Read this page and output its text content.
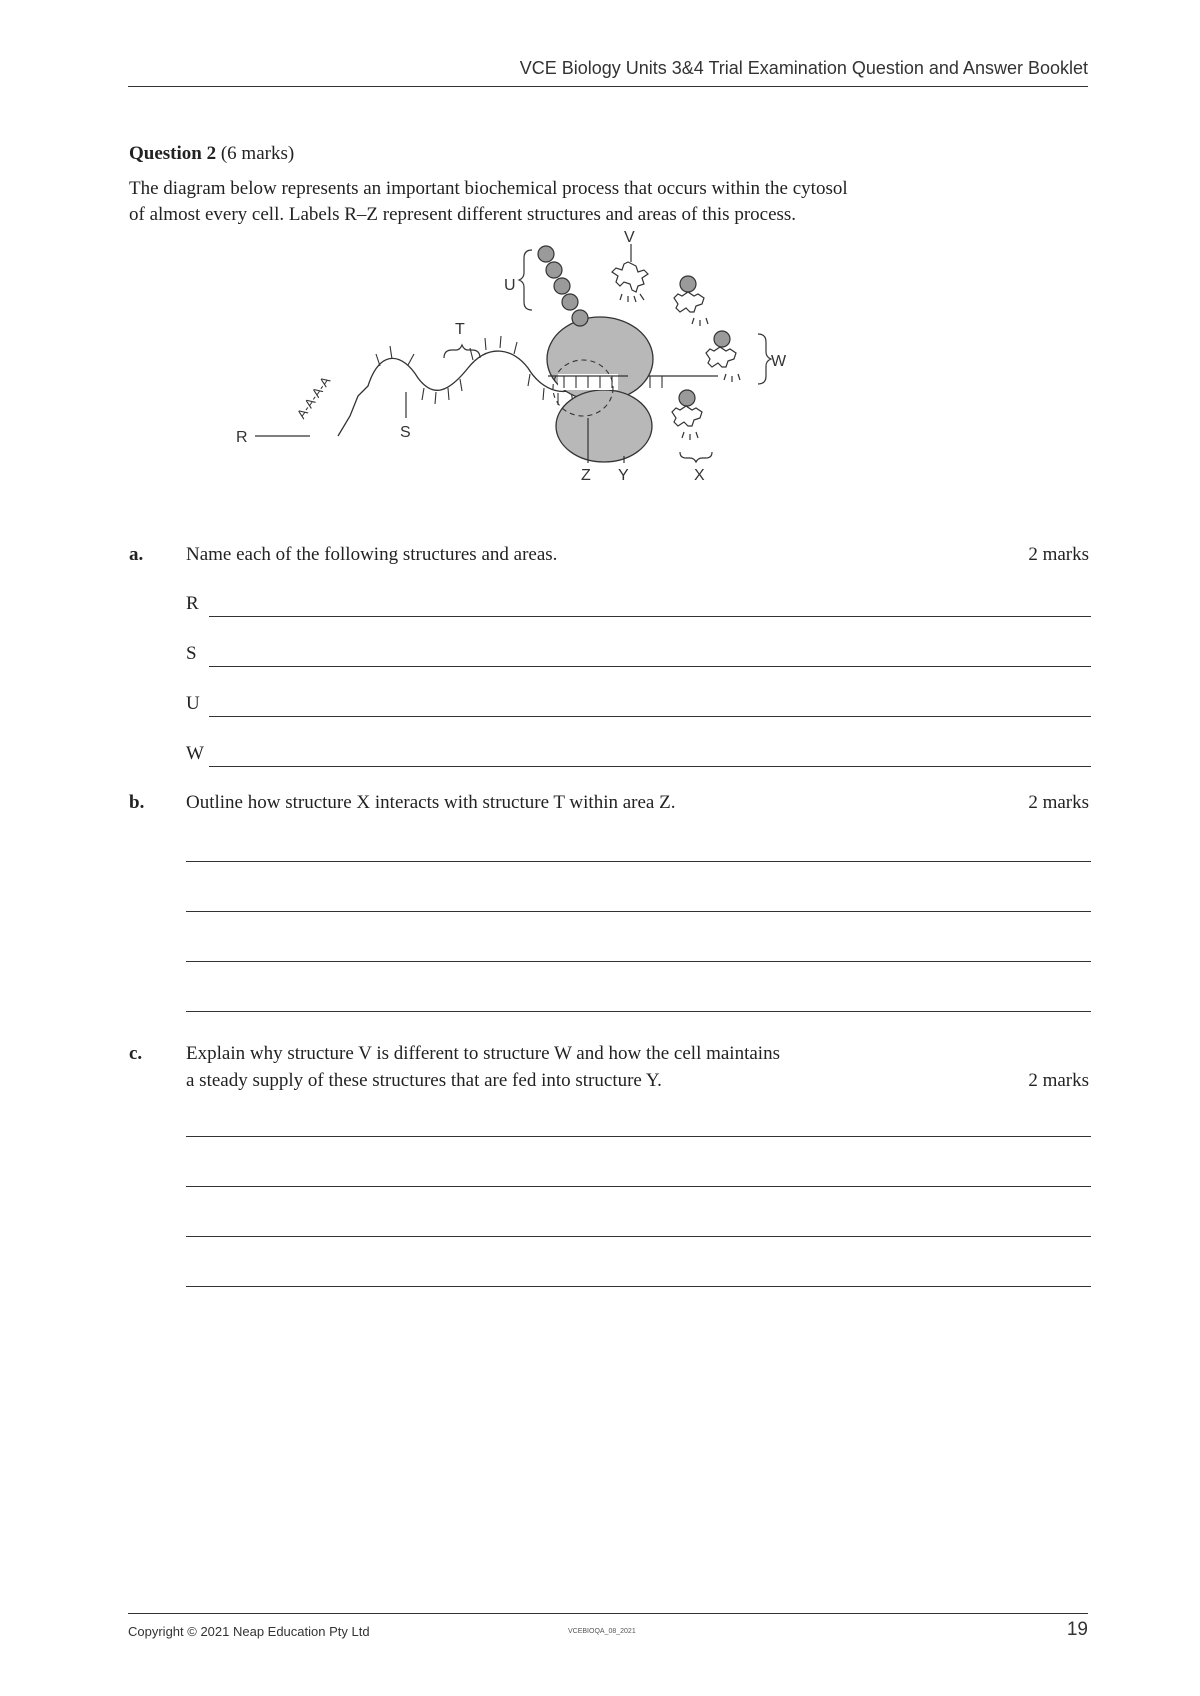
VCE Biology Units 3&4 Trial Examination Question and Answer Booklet
Question 2 (6 marks)

The diagram below represents an important biochemical process that occurs within the cytosol

of almost every cell. Labels R–Z represent different structures and areas of this process.

A-A-A-A
R	S
T
Z Y
U
V
W
X
a. Name each of the following structures and areas.	2 marks
R
S
U
W
b. Outline how structure X interacts with structure T within area Z.	2 marks
c. Explain why structure V is different to structure W and how the cell maintains

a steady supply of these structures that are fed into structure Y.	2 marks
Copyright © 2021 Neap Education Pty Ltd	VCEBIOQA_08_2021	19
